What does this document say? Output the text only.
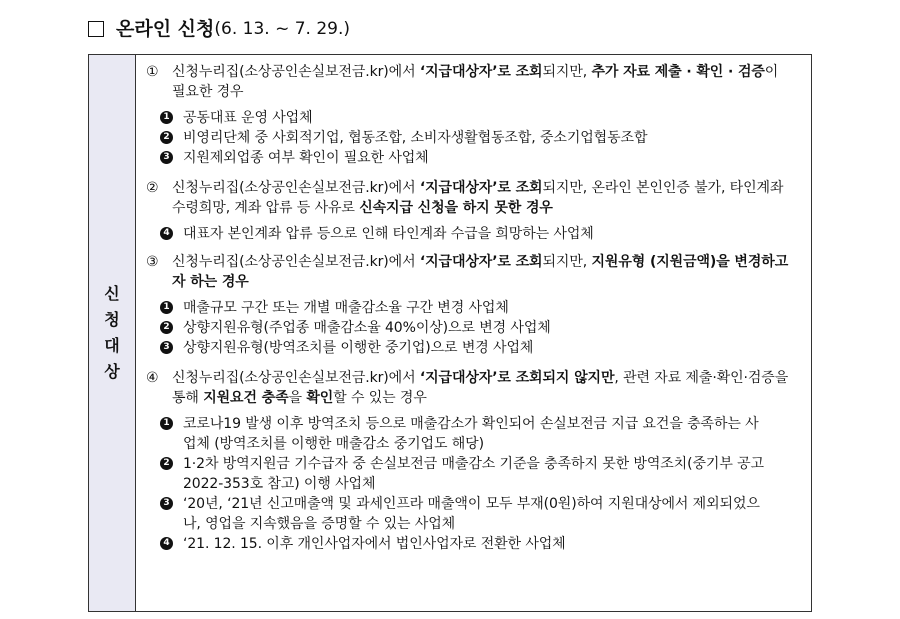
온라인 신청 (6. 13. ~ 7. 29.)
신
청
대
상
① 신청누리집(소상공인손실보전금.kr)에서 ‘지급대상자’로 조회되지만, 추가 자료 제출 · 확인 · 검증이 필요한 경우
1 공동대표 운영 사업체
2 비영리단체 중 사회적기업, 협동조합, 소비자생활협동조합, 중소기업협동조합
3 지원제외업종 여부 확인이 필요한 사업체
② 신청누리집(소상공인손실보전금.kr)에서 ‘지급대상자’로 조회되지만, 온라인 본인인증 불가, 타인계좌 수령희망, 계좌 압류 등 사유로 신속지급 신청을 하지 못한 경우
4 대표자 본인계좌 압류 등으로 인해 타인계좌 수급을 희망하는 사업체
③ 신청누리집(소상공인손실보전금.kr)에서 ‘지급대상자’로 조회되지만, 지원유형 (지원금액)을 변경하고자 하는 경우
1 매출규모 구간 또는 개별 매출감소율 구간 변경 사업체
2 상향지원유형(주업종 매출감소율 40%이상)으로 변경 사업체
3 상향지원유형(방역조치를 이행한 중기업)으로 변경 사업체
④ 신청누리집(소상공인손실보전금.kr)에서 ‘지급대상자’로 조회되지 않지만, 관련 자료 제출·확인·검증을 통해 지원요건 충족을 확인할 수 있는 경우
1 코로나19 발생 이후 방역조치 등으로 매출감소가 확인되어 손실보전금 지급 요건을 충족하는 사업체 (방역조치를 이행한 매출감소 중기업도 해당)
2 1·2차 방역지원금 기수급자 중 손실보전금 매출감소 기준을 충족하지 못한 방역조치(중기부 공고 2022-353호 참고) 이행 사업체
3 ‘20년, ‘21년 신고매출액 및 과세인프라 매출액이 모두 부재(0원)하여 지원대상에서 제외되었으나, 영업을 지속했음을 증명할 수 있는 사업체
4 ‘21. 12. 15. 이후 개인사업자에서 법인사업자로 전환한 사업체
